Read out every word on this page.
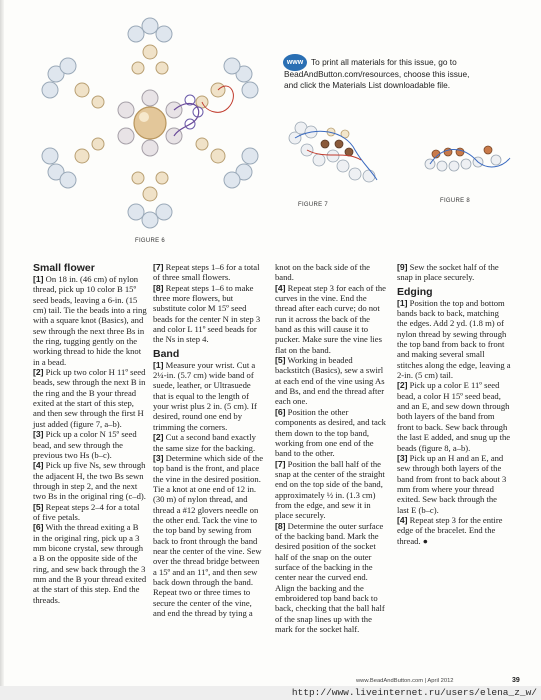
FIGURE 6
www To print all materials for this issue, go to
BeadAndButton.com/resources, choose this issue,
and click the Materials List downloadable file.
FIGURE 7
FIGURE 8
Small flower

[1] On 18 in. (46 cm) of nylon thread, pick up 10 color B 15º seed beads, leaving a 6-in. (15 cm) tail. Tie the beads into a ring with a square knot (Basics), and sew through the next three Bs in the ring, tugging gently on the working thread to hide the knot in a bead.

[2] Pick up two color H 11º seed beads, sew through the next B in the ring and the B your thread exited at the start of this step, and then sew through the first H just added (figure 7, a–b).

[3] Pick up a color N 15º seed bead, and sew through the previous two Hs (b–c).

[4] Pick up five Ns, sew through the adjacent H, the two Bs sewn through in step 2, and the next two Bs in the original ring (c–d).

[5] Repeat steps 2–4 for a total of five petals.

[6] With the thread exiting a B in the original ring, pick up a 3 mm bicone crystal, sew through a B on the opposite side of the ring, and sew back through the 3 mm and the B your thread exited at the start of this step. End the threads.

[7] Repeat steps 1–6 for a total of three small flowers.

[8] Repeat steps 1–6 to make three more flowers, but substitute color M 15º seed beads for the center N in step 3 and color L 11º seed beads for the Ns in step 4.

Band

[1] Measure your wrist. Cut a 2¼-in. (5.7 cm) wide band of suede, leather, or Ultrasuede that is equal to the length of your wrist plus 2 in. (5 cm). If desired, round one end by trimming the corners.

[2] Cut a second band exactly the same size for the backing.

[3] Determine which side of the top band is the front, and place the vine in the desired position. Tie a knot at one end of 12 in. (30 m) of nylon thread, and thread a #12 glovers needle on the other end. Tack the vine to the top band by sewing from back to front through the band near the center of the vine. Sew over the thread bridge between a 15º and an 11º, and then sew back down through the band. Repeat two or three times to secure the center of the vine, and end the thread by tying a

knot on the back side of the band.

[4] Repeat step 3 for each of the curves in the vine. End the thread after each curve; do not run it across the back of the band as this will cause it to pucker. Make sure the vine lies flat on the band.

[5] Working in beaded backstitch (Basics), sew a swirl at each end of the vine using As and Bs, and end the thread after each one.

[6] Position the other components as desired, and tack them down to the top band, working from one end of the band to the other.

[7] Position the ball half of the snap at the center of the straight end on the top side of the band, approximately ½ in. (1.3 cm) from the edge, and sew it in place securely.

[8] Determine the outer surface of the backing band. Mark the desired position of the socket half of the snap on the outer surface of the backing in the center near the curved end. Align the backing and the embroidered top band back to back, checking that the ball half of the snap lines up with the mark for the socket half.

[9] Sew the socket half of the snap in place securely.

Edging

[1] Position the top and bottom bands back to back, matching the edges. Add 2 yd. (1.8 m) of nylon thread by sewing through the top band from back to front and making several small stitches along the edge, leaving a 2-in. (5 cm) tail.

[2] Pick up a color E 11º seed bead, a color H 15º seed bead, and an E, and sew down through both layers of the band from front to back. Sew back through the last E added, and snug up the beads (figure 8, a–b).

[3] Pick up an H and an E, and sew through both layers of the band from front to back about 3 mm from where your thread exited. Sew back through the last E (b–c).

[4] Repeat step 3 for the entire edge of the bracelet. End the thread. ●

www.BeadAndButton.com | April 2012	39
http://www.liveinternet.ru/users/elena_z_w/
